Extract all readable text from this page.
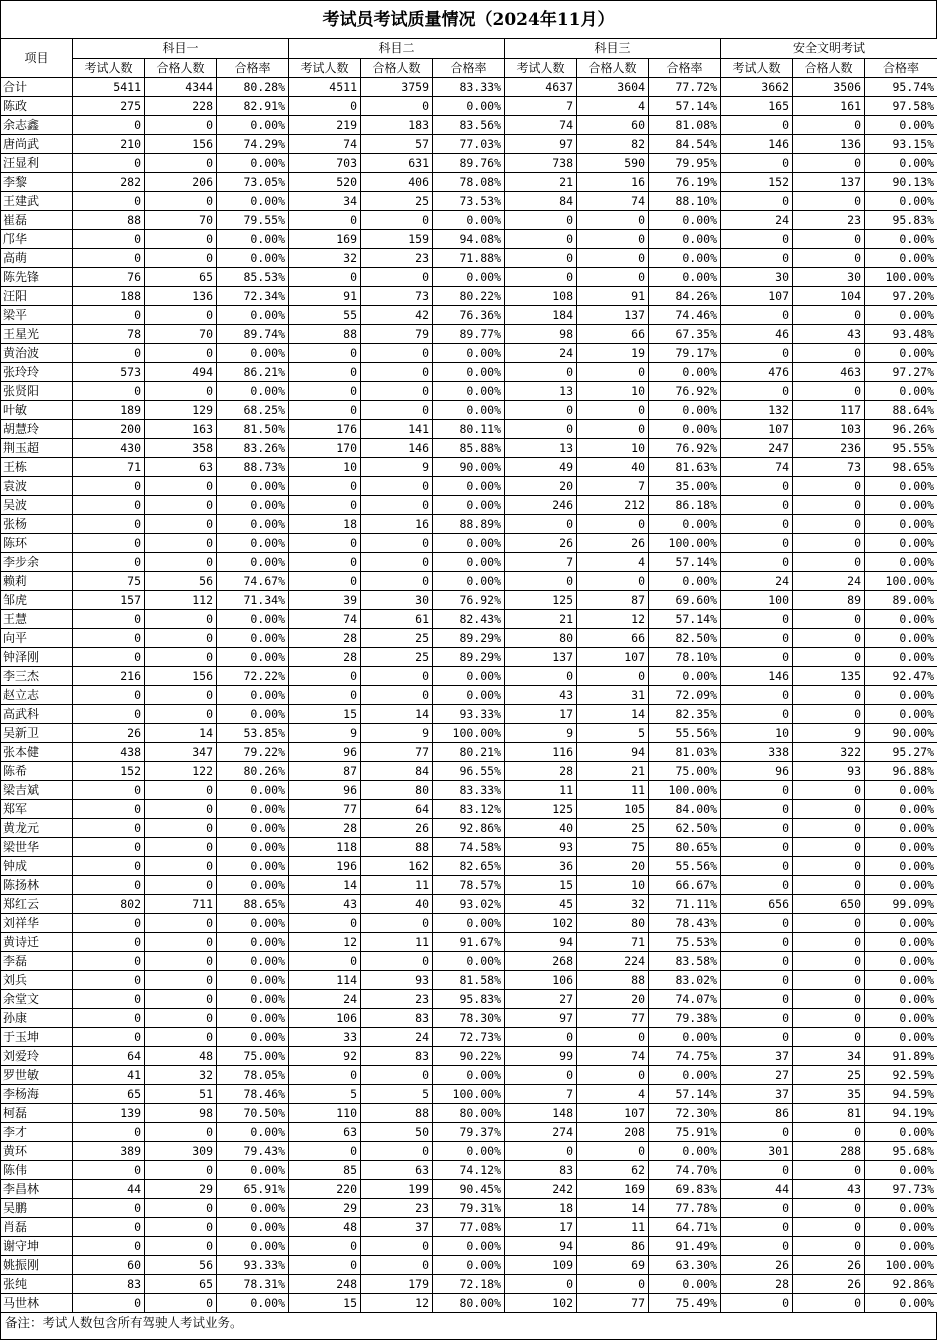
考试员考试质量情况（2024年11月）
项目	科目一			科目二			科目三			安全文明考试		
	考试人数	合格人数	合格率	考试人数	合格人数	合格率	考试人数	合格人数	合格率	考试人数	合格人数	合格率
合计	5411	4344	80.28%	4511	3759	83.33%	4637	3604	77.72%	3662	3506	95.74%
陈政	275	228	82.91%	0	0	0.00%	7	4	57.14%	165	161	97.58%
余志鑫	0	0	0.00%	219	183	83.56%	74	60	81.08%	0	0	0.00%
唐尚武	210	156	74.29%	74	57	77.03%	97	82	84.54%	146	136	93.15%
汪显利	0	0	0.00%	703	631	89.76%	738	590	79.95%	0	0	0.00%
李黎	282	206	73.05%	520	406	78.08%	21	16	76.19%	152	137	90.13%
王建武	0	0	0.00%	34	25	73.53%	84	74	88.10%	0	0	0.00%
崔磊	88	70	79.55%	0	0	0.00%	0	0	0.00%	24	23	95.83%
邝华	0	0	0.00%	169	159	94.08%	0	0	0.00%	0	0	0.00%
高萌	0	0	0.00%	32	23	71.88%	0	0	0.00%	0	0	0.00%
陈先锋	76	65	85.53%	0	0	0.00%	0	0	0.00%	30	30	100.00%
汪阳	188	136	72.34%	91	73	80.22%	108	91	84.26%	107	104	97.20%
梁平	0	0	0.00%	55	42	76.36%	184	137	74.46%	0	0	0.00%
王星光	78	70	89.74%	88	79	89.77%	98	66	67.35%	46	43	93.48%
黄治波	0	0	0.00%	0	0	0.00%	24	19	79.17%	0	0	0.00%
张玲玲	573	494	86.21%	0	0	0.00%	0	0	0.00%	476	463	97.27%
张贤阳	0	0	0.00%	0	0	0.00%	13	10	76.92%	0	0	0.00%
叶敏	189	129	68.25%	0	0	0.00%	0	0	0.00%	132	117	88.64%
胡慧玲	200	163	81.50%	176	141	80.11%	0	0	0.00%	107	103	96.26%
荆玉超	430	358	83.26%	170	146	85.88%	13	10	76.92%	247	236	95.55%
王栋	71	63	88.73%	10	9	90.00%	49	40	81.63%	74	73	98.65%
袁波	0	0	0.00%	0	0	0.00%	20	7	35.00%	0	0	0.00%
吴波	0	0	0.00%	0	0	0.00%	246	212	86.18%	0	0	0.00%
张杨	0	0	0.00%	18	16	88.89%	0	0	0.00%	0	0	0.00%
陈环	0	0	0.00%	0	0	0.00%	26	26	100.00%	0	0	0.00%
李步余	0	0	0.00%	0	0	0.00%	7	4	57.14%	0	0	0.00%
赖莉	75	56	74.67%	0	0	0.00%	0	0	0.00%	24	24	100.00%
邹虎	157	112	71.34%	39	30	76.92%	125	87	69.60%	100	89	89.00%
王慧	0	0	0.00%	74	61	82.43%	21	12	57.14%	0	0	0.00%
向平	0	0	0.00%	28	25	89.29%	80	66	82.50%	0	0	0.00%
钟泽刚	0	0	0.00%	28	25	89.29%	137	107	78.10%	0	0	0.00%
李三杰	216	156	72.22%	0	0	0.00%	0	0	0.00%	146	135	92.47%
赵立志	0	0	0.00%	0	0	0.00%	43	31	72.09%	0	0	0.00%
高武科	0	0	0.00%	15	14	93.33%	17	14	82.35%	0	0	0.00%
吴新卫	26	14	53.85%	9	9	100.00%	9	5	55.56%	10	9	90.00%
张本健	438	347	79.22%	96	77	80.21%	116	94	81.03%	338	322	95.27%
陈希	152	122	80.26%	87	84	96.55%	28	21	75.00%	96	93	96.88%
梁吉斌	0	0	0.00%	96	80	83.33%	11	11	100.00%	0	0	0.00%
郑军	0	0	0.00%	77	64	83.12%	125	105	84.00%	0	0	0.00%
黄龙元	0	0	0.00%	28	26	92.86%	40	25	62.50%	0	0	0.00%
梁世华	0	0	0.00%	118	88	74.58%	93	75	80.65%	0	0	0.00%
钟成	0	0	0.00%	196	162	82.65%	36	20	55.56%	0	0	0.00%
陈扬林	0	0	0.00%	14	11	78.57%	15	10	66.67%	0	0	0.00%
郑红云	802	711	88.65%	43	40	93.02%	45	32	71.11%	656	650	99.09%
刘祥华	0	0	0.00%	0	0	0.00%	102	80	78.43%	0	0	0.00%
黄诗迁	0	0	0.00%	12	11	91.67%	94	71	75.53%	0	0	0.00%
李磊	0	0	0.00%	0	0	0.00%	268	224	83.58%	0	0	0.00%
刘兵	0	0	0.00%	114	93	81.58%	106	88	83.02%	0	0	0.00%
余堂文	0	0	0.00%	24	23	95.83%	27	20	74.07%	0	0	0.00%
孙康	0	0	0.00%	106	83	78.30%	97	77	79.38%	0	0	0.00%
于玉坤	0	0	0.00%	33	24	72.73%	0	0	0.00%	0	0	0.00%
刘爱玲	64	48	75.00%	92	83	90.22%	99	74	74.75%	37	34	91.89%
罗世敏	41	32	78.05%	0	0	0.00%	0	0	0.00%	27	25	92.59%
李杨海	65	51	78.46%	5	5	100.00%	7	4	57.14%	37	35	94.59%
柯磊	139	98	70.50%	110	88	80.00%	148	107	72.30%	86	81	94.19%
李才	0	0	0.00%	63	50	79.37%	274	208	75.91%	0	0	0.00%
黄环	389	309	79.43%	0	0	0.00%	0	0	0.00%	301	288	95.68%
陈伟	0	0	0.00%	85	63	74.12%	83	62	74.70%	0	0	0.00%
李昌林	44	29	65.91%	220	199	90.45%	242	169	69.83%	44	43	97.73%
吴鹏	0	0	0.00%	29	23	79.31%	18	14	77.78%	0	0	0.00%
肖磊	0	0	0.00%	48	37	77.08%	17	11	64.71%	0	0	0.00%
谢守坤	0	0	0.00%	0	0	0.00%	94	86	91.49%	0	0	0.00%
姚振刚	60	56	93.33%	0	0	0.00%	109	69	63.30%	26	26	100.00%
张纯	83	65	78.31%	248	179	72.18%	0	0	0.00%	28	26	92.86%
马世林	0	0	0.00%	15	12	80.00%	102	77	75.49%	0	0	0.00%
备注：考试人数包含所有驾驶人考试业务。
